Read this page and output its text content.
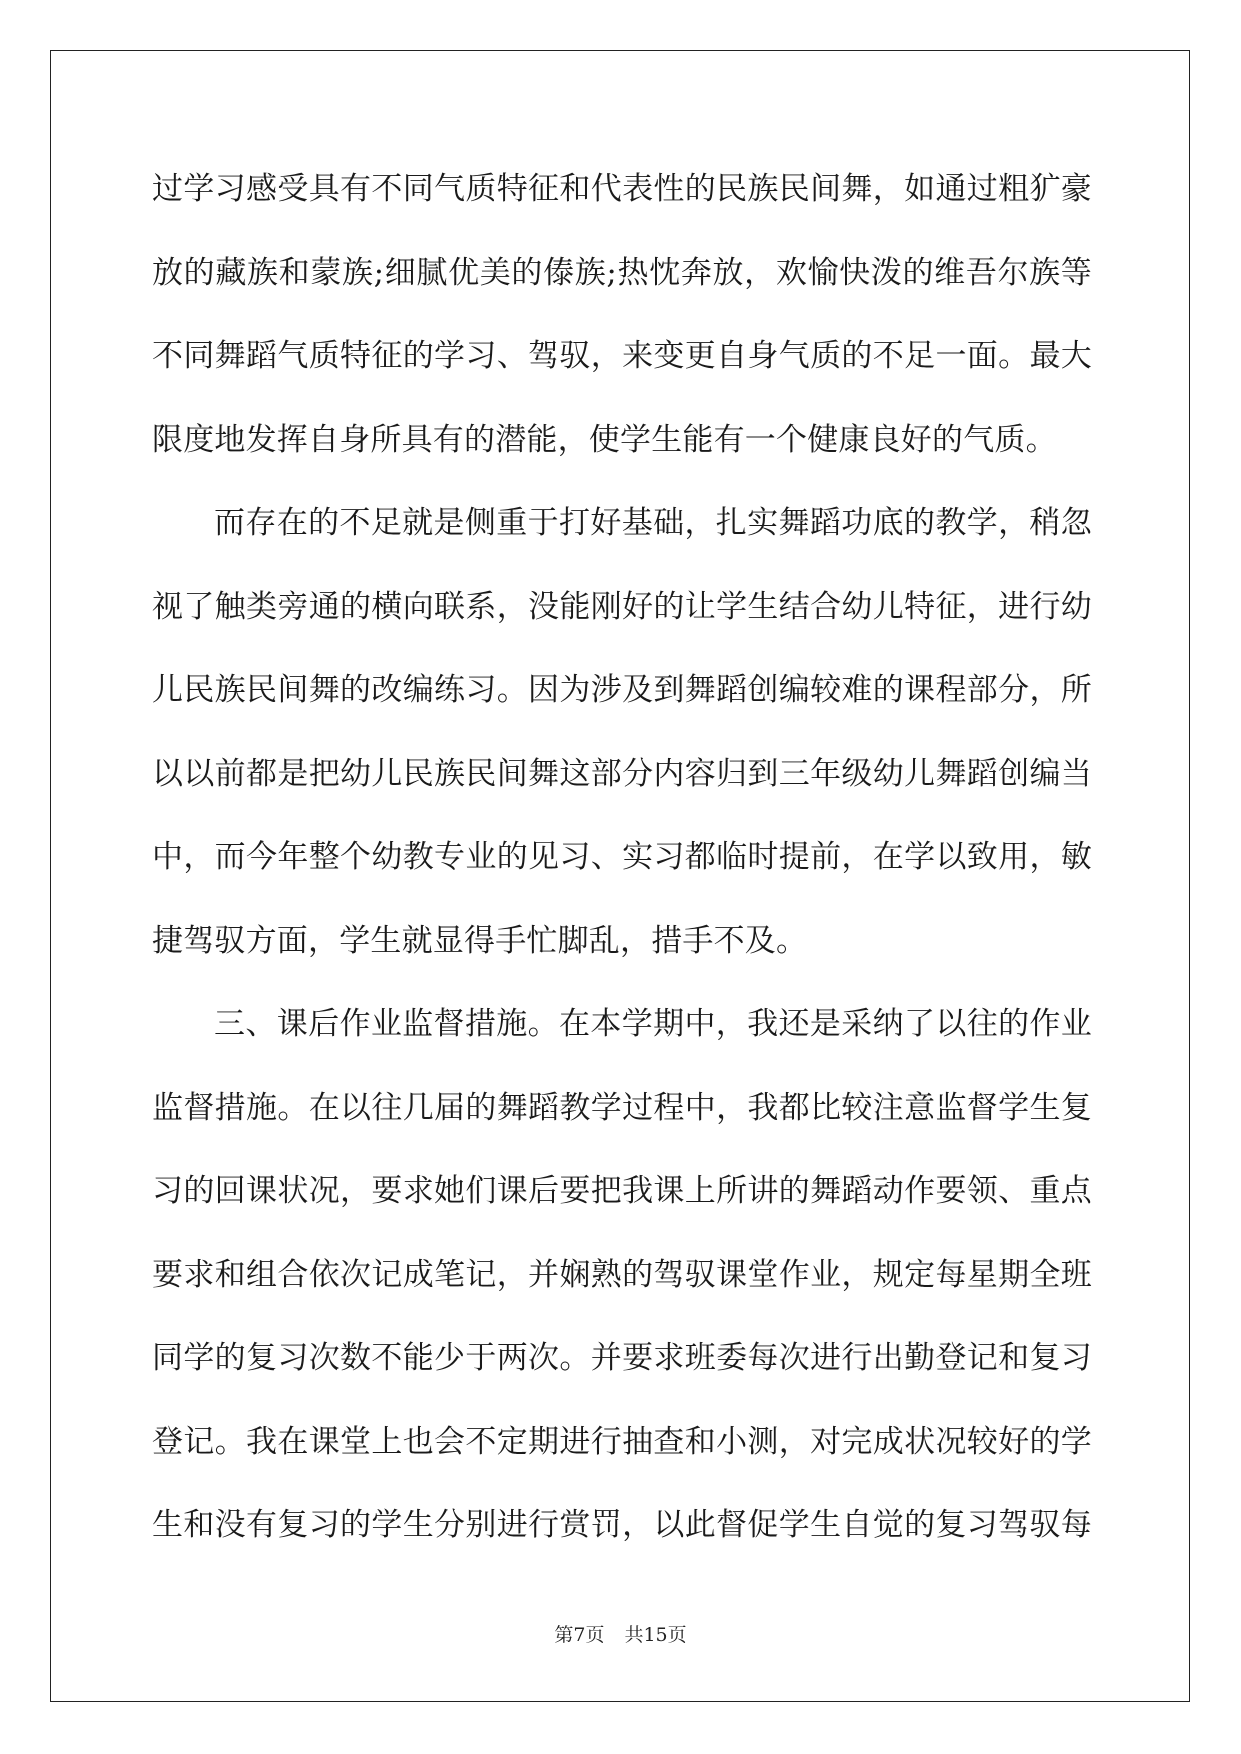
过学习感受具有不同气质特征和代表性的民族民间舞，如通过粗犷豪
放的藏族和蒙族;细腻优美的傣族;热忱奔放，欢愉快泼的维吾尔族等
不同舞蹈气质特征的学习、驾驭，来变更自身气质的不足一面。最大
限度地发挥自身所具有的潜能，使学生能有一个健康良好的气质。
而存在的不足就是侧重于打好基础，扎实舞蹈功底的教学，稍忽
视了触类旁通的横向联系，没能刚好的让学生结合幼儿特征，进行幼
儿民族民间舞的改编练习。因为涉及到舞蹈创编较难的课程部分，所
以以前都是把幼儿民族民间舞这部分内容归到三年级幼儿舞蹈创编当
中，而今年整个幼教专业的见习、实习都临时提前，在学以致用，敏
捷驾驭方面，学生就显得手忙脚乱，措手不及。
三、课后作业监督措施。在本学期中，我还是采纳了以往的作业
监督措施。在以往几届的舞蹈教学过程中，我都比较注意监督学生复
习的回课状况，要求她们课后要把我课上所讲的舞蹈动作要领、重点
要求和组合依次记成笔记，并娴熟的驾驭课堂作业，规定每星期全班
同学的复习次数不能少于两次。并要求班委每次进行出勤登记和复习
登记。我在课堂上也会不定期进行抽查和小测，对完成状况较好的学
生和没有复习的学生分别进行赏罚，以此督促学生自觉的复习驾驭每
第7页 共15页
